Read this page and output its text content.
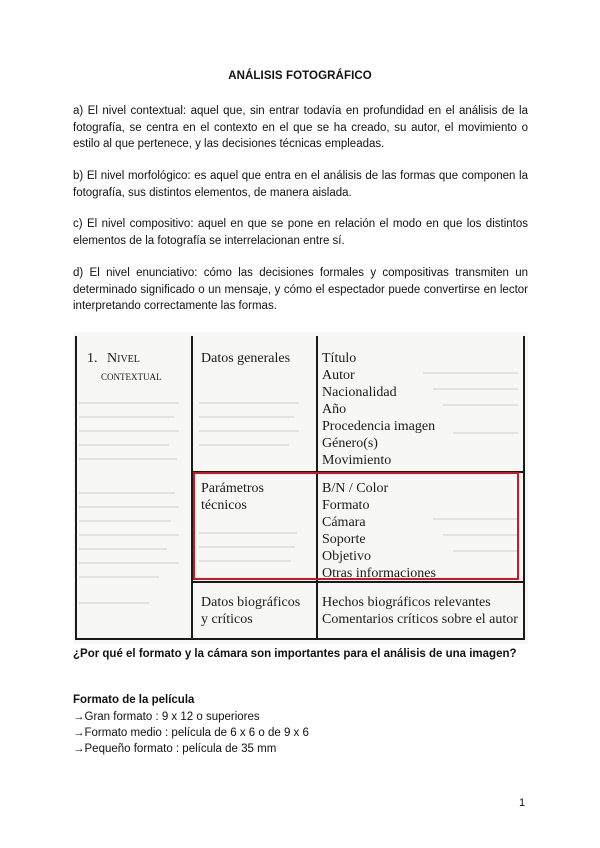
ANÁLISIS FOTOGRÁFICO

a) El nivel contextual: aquel que, sin entrar todavía en profundidad en el análisis de la fotografía, se centra en el contexto en el que se ha creado, su autor, el movimiento o estilo al que pertenece, y las decisiones técnicas empleadas.

b) El nivel morfológico: es aquel que entra en el análisis de las formas que componen la fotografía, sus distintos elementos, de manera aislada.

c) El nivel compositivo: aquel en que se pone en relación el modo en que los distintos elementos de la fotografía se interrelacionan entre sí.

d) El nivel enunciativo: cómo las decisiones formales y compositivas transmiten un determinado significado o un mensaje, y cómo el espectador puede convertirse en lector interpretando correctamente las formas.

1. Nivel
contextual
Datos generales Título
Autor
Nacionalidad
Año
Procedencia imagen
Género(s)
Movimiento
Parámetros
técnicos
B/N / Color
Formato
Cámara
Soporte
Objetivo
Otras informaciones
Datos biográficos
y críticos
Hechos biográficos relevantes
Comentarios críticos sobre el autor

¿Por qué el formato y la cámara son importantes para el análisis de una imagen?

Formato de la película
→Gran formato : 9 x 12 o superiores
→Formato medio : película de 6 x 6 o de 9 x 6
→Pequeño formato : película de 35 mm
1
